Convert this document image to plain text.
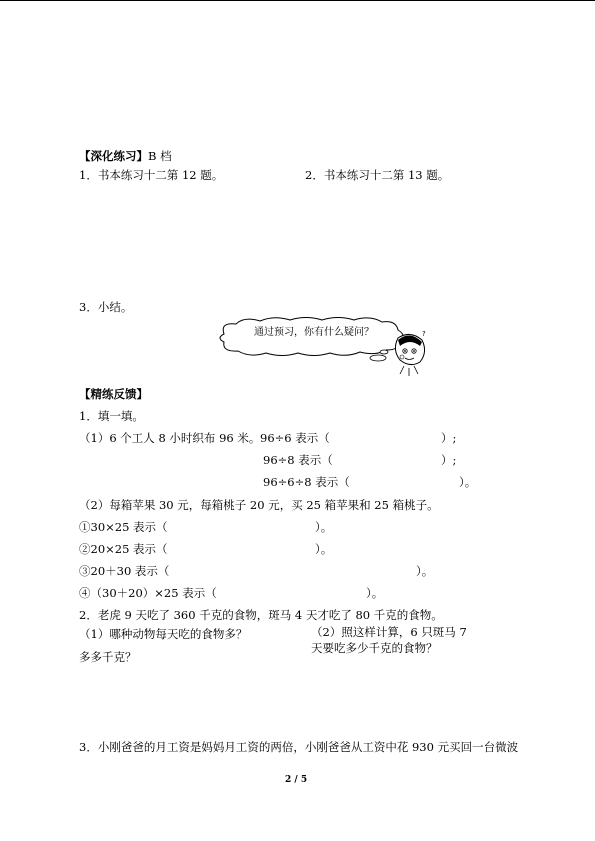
【深化练习】B 档
1．书本练习十二第 12 题。	2．书本练习十二第 13 题。
3．小结。
?
通过预习，你有什么疑问？
【精练反馈】
1．填一填。
（1）6 个工人 8 小时织布 96 米。 96÷6 表示（	）;
96÷8 表示（	）;
96÷6÷8 表示（	）。
（2）每箱苹果 30 元，每箱桃子 20 元，买 25 箱苹果和 25 箱桃子。
①30×25 表示（	）。
②20×25 表示（	）。
③20＋30 表示（	）。
④（30＋20）×25 表示（	）。
2．老虎 9 天吃了 360 千克的食物，斑马 4 天才吃了 80 千克的食物。
（1）哪种动物每天吃的食物多？
多多千克？
（2）照这样计算，6 只斑马 7
天要吃多少千克的食物？
3．小刚爸爸的月工资是妈妈月工资的两倍，小刚爸爸从工资中花 930 元买回一台微波
2 / 5
